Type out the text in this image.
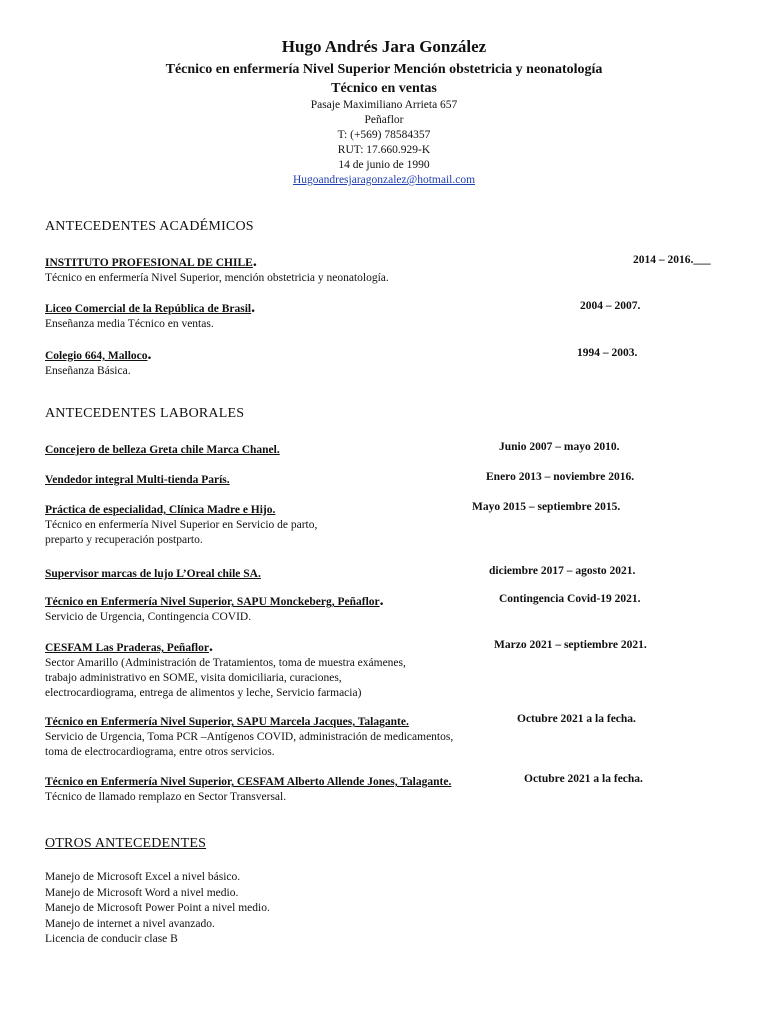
Hugo Andrés Jara González
Técnico en enfermería Nivel Superior Mención obstetricia y neonatología
Técnico en ventas
Pasaje Maximiliano Arrieta 657
Peñaflor
T: (+569) 78584357
RUT: 17.660.929-K
14 de junio de 1990
Hugoandresjaragonzalez@hotmail.com
ANTECEDENTES ACADÉMICOS
INSTITUTO PROFESIONAL DE CHILE.	2014 – 2016.___
Técnico en enfermería Nivel Superior, mención obstetricia y neonatología.
Liceo Comercial de la República de Brasil.	2004 – 2007.
Enseñanza media Técnico en ventas.
Colegio 664, Malloco.	1994 – 2003.
Enseñanza Básica.
ANTECEDENTES LABORALES
Concejero de belleza Greta chile Marca Chanel.	Junio 2007 – mayo 2010.
Vendedor integral Multi-tienda París.	Enero 2013 – noviembre 2016.
Práctica de especialidad, Clínica Madre e Hijo.	Mayo 2015 – septiembre 2015.
Técnico en enfermería Nivel Superior en Servicio de parto,
preparto y recuperación postparto.
Supervisor marcas de lujo L’Oreal chile SA.	diciembre 2017 – agosto 2021.
Técnico en Enfermería Nivel Superior, SAPU Monckeberg, Peñaflor.	Contingencia Covid-19 2021.
Servicio de Urgencia, Contingencia COVID.
CESFAM Las Praderas, Peñaflor.	Marzo 2021 – septiembre 2021.
Sector Amarillo (Administración de Tratamientos, toma de muestra exámenes,
trabajo administrativo en SOME, visita domiciliaria, curaciones,
electrocardiograma, entrega de alimentos y leche, Servicio farmacia)
Técnico en Enfermería Nivel Superior, SAPU Marcela Jacques, Talagante.	Octubre 2021 a la fecha.
Servicio de Urgencia, Toma PCR –Antígenos COVID, administración de medicamentos,
toma de electrocardiograma, entre otros servicios.
Técnico en Enfermería Nivel Superior, CESFAM Alberto Allende Jones, Talagante.	Octubre 2021 a la fecha.
Técnico de llamado remplazo en Sector Transversal.
OTROS ANTECEDENTES
Manejo de Microsoft Excel a nivel básico.
Manejo de Microsoft Word a nivel medio.
Manejo de Microsoft Power Point a nivel medio.
Manejo de internet a nivel avanzado.
Licencia de conducir clase B
